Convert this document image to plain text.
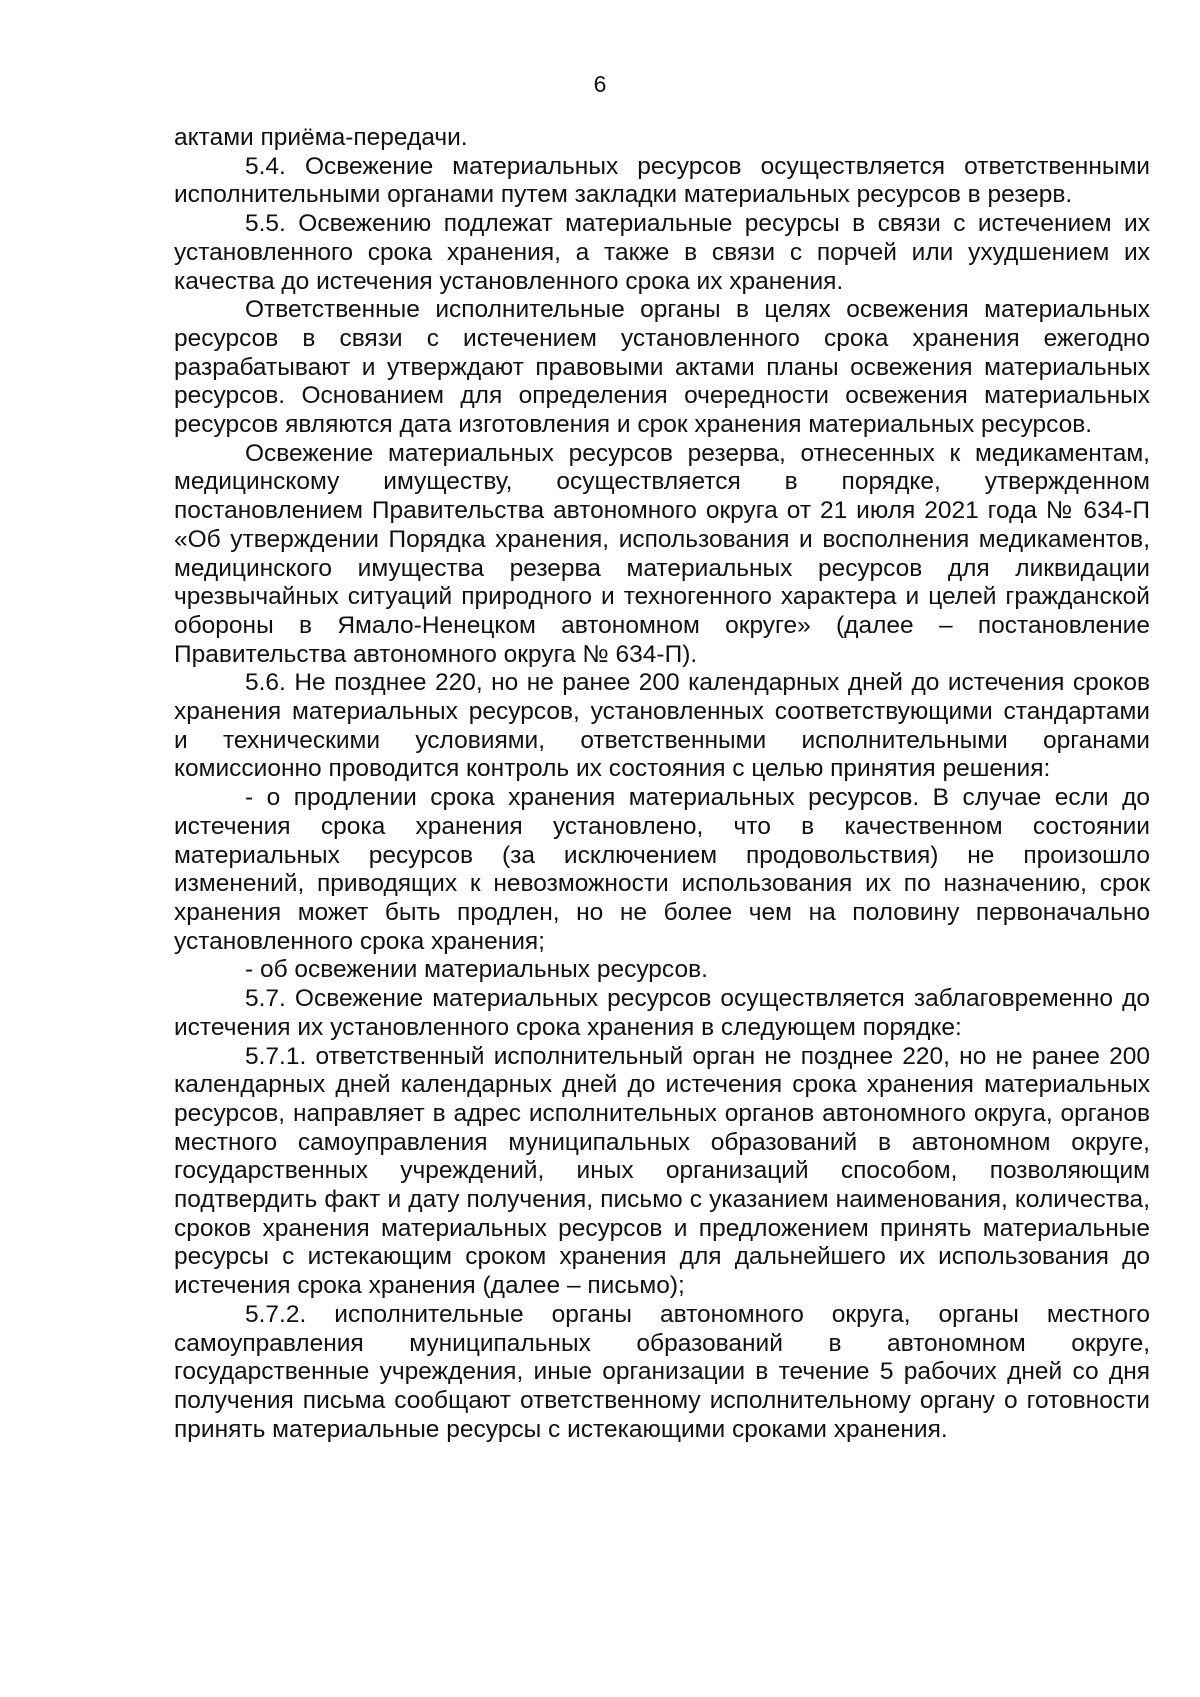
6

актами приёма-передачи.

5.4. Освежение материальных ресурсов осуществляется ответственными исполнительными органами путем закладки материальных ресурсов в резерв.

5.5. Освежению подлежат материальные ресурсы в связи с истечением их установленного срока хранения, а также в связи с порчей или ухудшением их качества до истечения установленного срока их хранения.

Ответственные исполнительные органы в целях освежения материальных ресурсов в связи с истечением установленного срока хранения ежегодно разрабатывают и утверждают правовыми актами планы освежения материальных ресурсов. Основанием для определения очередности освежения материальных ресурсов являются дата изготовления и срок хранения материальных ресурсов.

Освежение материальных ресурсов резерва, отнесенных к медикаментам, медицинскому имуществу, осуществляется в порядке, утвержденном постановлением Правительства автономного округа от 21 июля 2021 года № 634-П «Об утверждении Порядка хранения, использования и восполнения медикаментов, медицинского имущества резерва материальных ресурсов для ликвидации чрезвычайных ситуаций природного и техногенного характера и целей гражданской обороны в Ямало-Ненецком автономном округе» (далее – постановление Правительства автономного округа № 634-П).

5.6. Не позднее 220, но не ранее 200 календарных дней до истечения сроков хранения материальных ресурсов, установленных соответствующими стандартами и техническими условиями, ответственными исполнительными органами комиссионно проводится контроль их состояния с целью принятия решения:

- о продлении срока хранения материальных ресурсов. В случае если до истечения срока хранения установлено, что в качественном состоянии материальных ресурсов (за исключением продовольствия) не произошло изменений, приводящих к невозможности использования их по назначению, срок хранения может быть продлен, но не более чем на половину первоначально установленного срока хранения;

- об освежении материальных ресурсов.

5.7. Освежение материальных ресурсов осуществляется заблаговременно до истечения их установленного срока хранения в следующем порядке:

5.7.1. ответственный исполнительный орган не позднее 220, но не ранее 200 календарных дней календарных дней до истечения срока хранения материальных ресурсов, направляет в адрес исполнительных органов автономного округа, органов местного самоуправления муниципальных образований в автономном округе, государственных учреждений, иных организаций способом, позволяющим подтвердить факт и дату получения, письмо с указанием наименования, количества, сроков хранения материальных ресурсов и предложением принять материальные ресурсы с истекающим сроком хранения для дальнейшего их использования до истечения срока хранения (далее – письмо);

5.7.2. исполнительные органы автономного округа, органы местного самоуправления муниципальных образований в автономном округе, государственные учреждения, иные организации в течение 5 рабочих дней со дня получения письма сообщают ответственному исполнительному органу о готовности принять материальные ресурсы с истекающими сроками хранения.
